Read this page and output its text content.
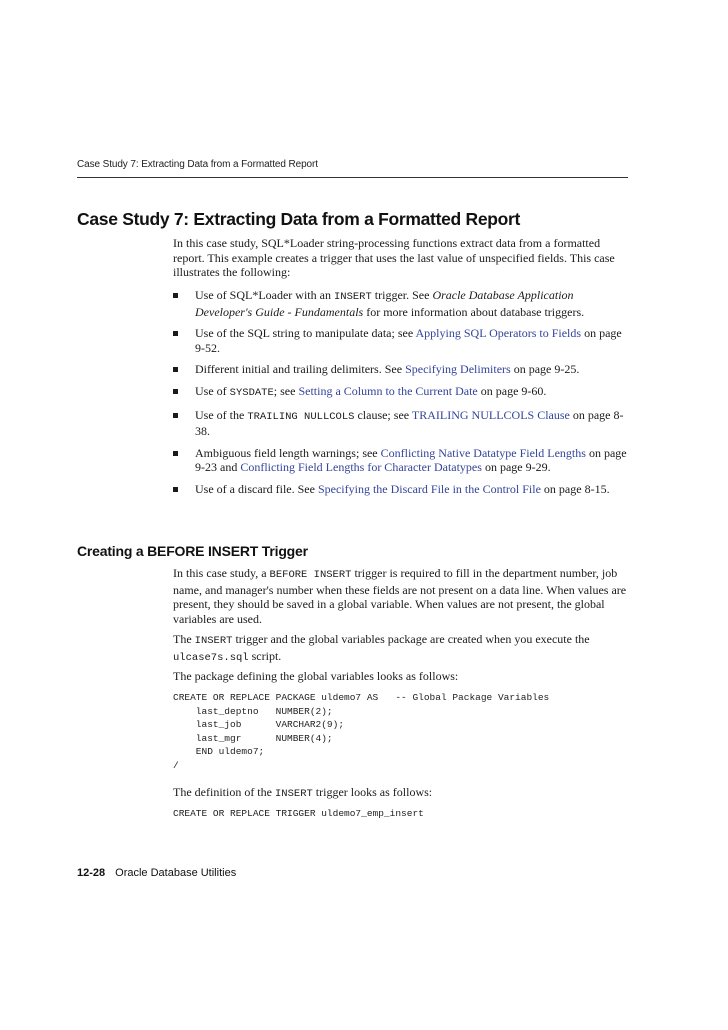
Case Study 7: Extracting Data from a Formatted Report
Case Study 7: Extracting Data from a Formatted Report

In this case study, SQL*Loader string-processing functions extract data from a formatted report. This example creates a trigger that uses the last value of unspecified fields. This case illustrates the following:

Use of SQL*Loader with an INSERT trigger. See Oracle Database Application Developer's Guide - Fundamentals for more information about database triggers.
Use of the SQL string to manipulate data; see Applying SQL Operators to Fields on page 9-52.
Different initial and trailing delimiters. See Specifying Delimiters on page 9-25.
Use of SYSDATE; see Setting a Column to the Current Date on page 9-60.
Use of the TRAILING NULLCOLS clause; see TRAILING NULLCOLS Clause on page 8-38.
Ambiguous field length warnings; see Conflicting Native Datatype Field Lengths on page 9-23 and Conflicting Field Lengths for Character Datatypes on page 9-29.
Use of a discard file. See Specifying the Discard File in the Control File on page 8-15.
Creating a BEFORE INSERT Trigger

In this case study, a BEFORE INSERT trigger is required to fill in the department number, job name, and manager's number when these fields are not present on a data line. When values are present, they should be saved in a global variable. When values are not present, the global variables are used.

The INSERT trigger and the global variables package are created when you execute the ulcase7s.sql script.

The package defining the global variables looks as follows:

CREATE OR REPLACE PACKAGE uldemo7 AS   -- Global Package Variables
last_deptno   NUMBER(2);
last_job      VARCHAR2(9);
last_mgr      NUMBER(4);
END uldemo7;
/

The definition of the INSERT trigger looks as follows:

CREATE OR REPLACE TRIGGER uldemo7_emp_insert
12-28 Oracle Database Utilities
